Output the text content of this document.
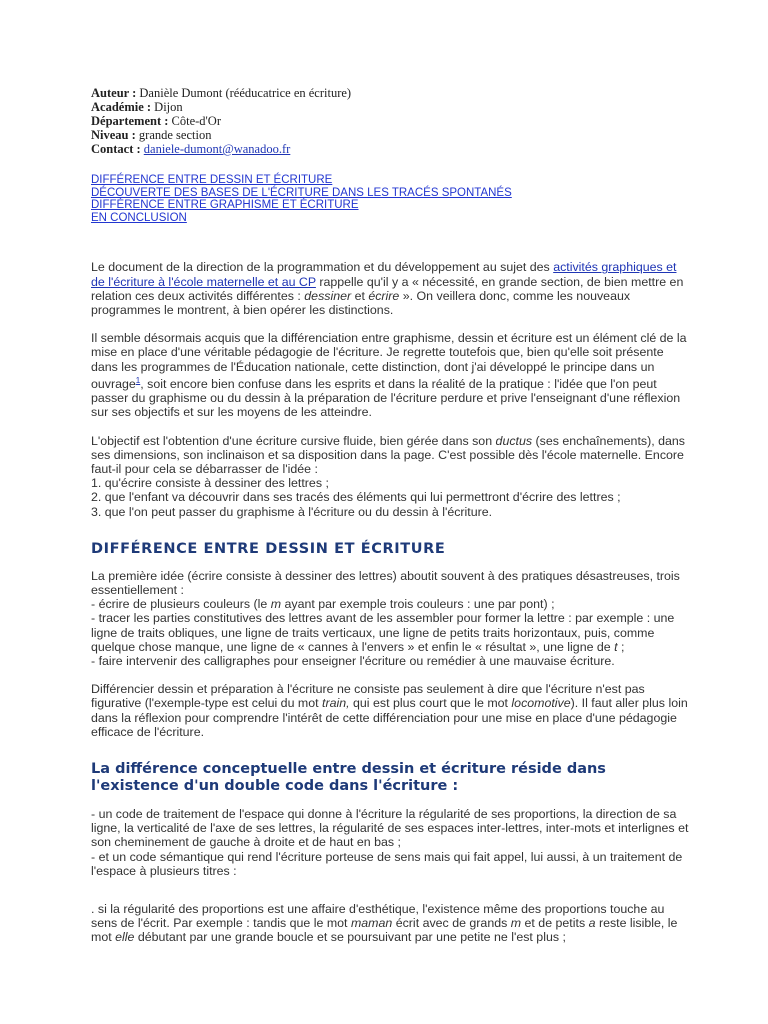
Auteur : Danièle Dumont (rééducatrice en écriture)
Académie : Dijon
Département : Côte-d'Or
Niveau : grande section
Contact : daniele-dumont@wanadoo.fr
DIFFÉRENCE ENTRE DESSIN ET ÉCRITURE
DÉCOUVERTE DES BASES DE L'ÉCRITURE DANS LES TRACÉS SPONTANÉS
DIFFÉRENCE ENTRE GRAPHISME ET ÉCRITURE
EN CONCLUSION

Le document de la direction de la programmation et du développement au sujet des activités graphiques et de l'écriture à l'école maternelle et au CP rappelle qu'il y a « nécessité, en grande section, de bien mettre en relation ces deux activités différentes : dessiner et écrire ». On veillera donc, comme les nouveaux programmes le montrent, à bien opérer les distinctions.

Il semble désormais acquis que la différenciation entre graphisme, dessin et écriture est un élément clé de la mise en place d'une véritable pédagogie de l'écriture. Je regrette toutefois que, bien qu'elle soit présente dans les programmes de l'Éducation nationale, cette distinction, dont j'ai développé le principe dans un ouvrage$^1$, soit encore bien confuse dans les esprits et dans la réalité de la pratique : l'idée que l'on peut passer du graphisme ou du dessin à la préparation de l'écriture perdure et prive l'enseignant d'une réflexion sur ses objectifs et sur les moyens de les atteindre.

L'objectif est l'obtention d'une écriture cursive fluide, bien gérée dans son ductus (ses enchaînements), dans ses dimensions, son inclinaison et sa disposition dans la page. C'est possible dès l'école maternelle. Encore faut-il pour cela se débarrasser de l'idée :
1. qu'écrire consiste à dessiner des lettres ;
2. que l'enfant va découvrir dans ses tracés des éléments qui lui permettront d'écrire des lettres ;
3. que l'on peut passer du graphisme à l'écriture ou du dessin à l'écriture.

DIFFÉRENCE ENTRE DESSIN ET ÉCRITURE

La première idée (écrire consiste à dessiner des lettres) aboutit souvent à des pratiques désastreuses, trois essentiellement :
- écrire de plusieurs couleurs (le m ayant par exemple trois couleurs : une par pont) ;
- tracer les parties constitutives des lettres avant de les assembler pour former la lettre : par exemple : une ligne de traits obliques, une ligne de traits verticaux, une ligne de petits traits horizontaux, puis, comme quelque chose manque, une ligne de « cannes à l'envers » et enfin le « résultat », une ligne de t ;
- faire intervenir des calligraphes pour enseigner l'écriture ou remédier à une mauvaise écriture.

Différencier dessin et préparation à l'écriture ne consiste pas seulement à dire que l'écriture n'est pas figurative (l'exemple-type est celui du mot train, qui est plus court que le mot locomotive). Il faut aller plus loin dans la réflexion pour comprendre l'intérêt de cette différenciation pour une mise en place d'une pédagogie efficace de l'écriture.

La différence conceptuelle entre dessin et écriture réside dans l'existence d'un double code dans l'écriture :

- un code de traitement de l'espace qui donne à l'écriture la régularité de ses proportions, la direction de sa ligne, la verticalité de l'axe de ses lettres, la régularité de ses espaces inter-lettres, inter-mots et interlignes et son cheminement de gauche à droite et de haut en bas ;
- et un code sémantique qui rend l'écriture porteuse de sens mais qui fait appel, lui aussi, à un traitement de l'espace à plusieurs titres :

. si la régularité des proportions est une affaire d'esthétique, l'existence même des proportions touche au sens de l'écrit. Par exemple : tandis que le mot maman écrit avec de grands m et de petits a reste lisible, le mot elle débutant par une grande boucle et se poursuivant par une petite ne l'est plus ;
